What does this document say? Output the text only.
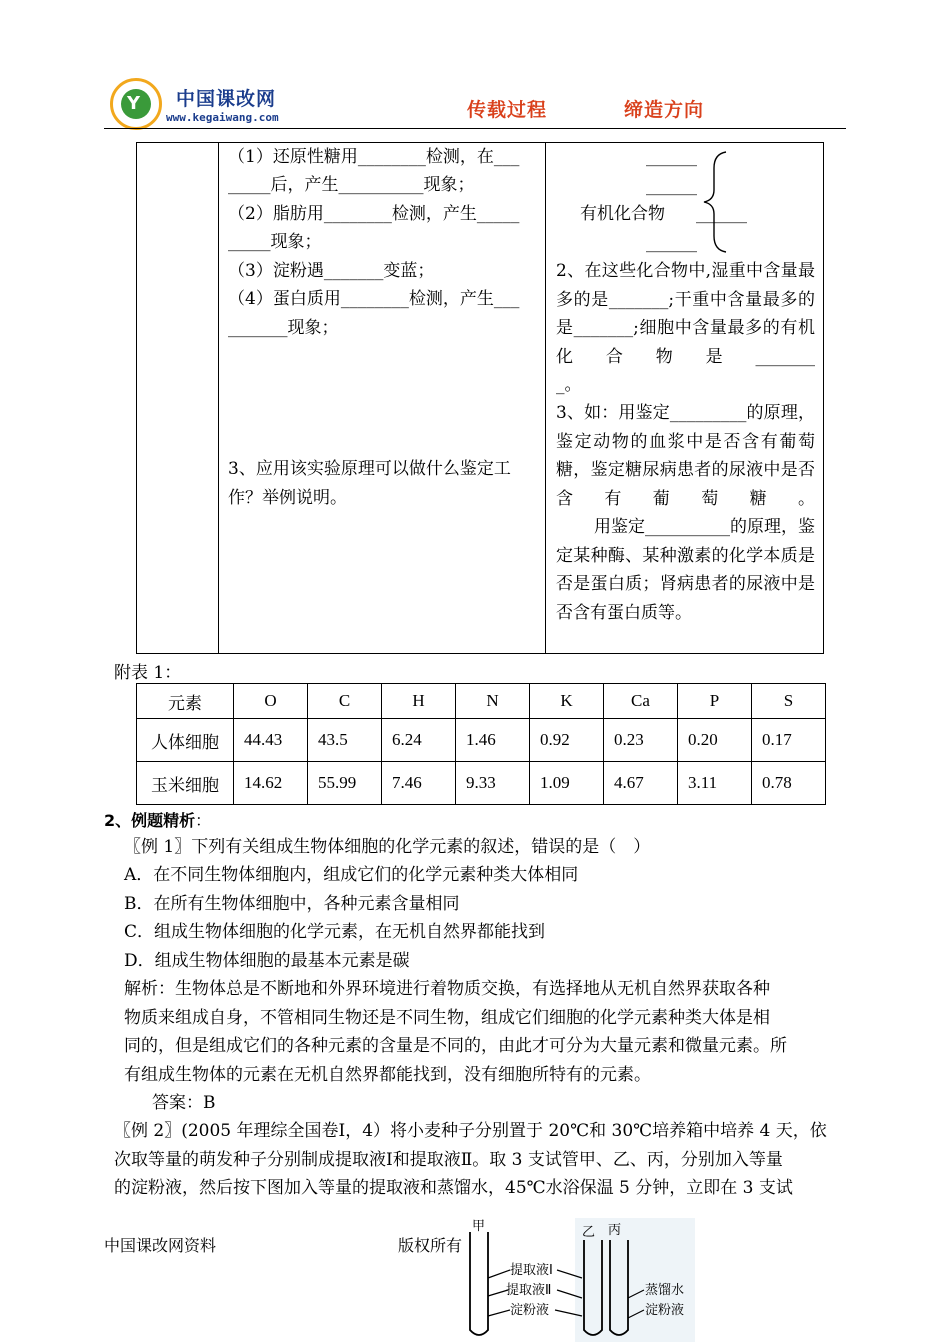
Y 中国课改网
www.kegaiwang.com	传载过程	缔造方向
（1）还原性糖用________检测，在___
_____后，产生__________现象；
（2）脂肪用________检测，产生_____
_____现象；
（3）淀粉遇_______变蓝；
（4）蛋白质用________检测，产生___
_______现象；
3、应用该实验原理可以做什么鉴定工
作？举例说明。
______
______
有机化合物 ______
______
2、在这些化合物中,湿重中含量最多的是_______;干重中含量最多的是_______;细胞中含量最多的有机化合物是_______
_。
3、如：用鉴定_________的原理，鉴定动物的血浆中是否含有葡萄糖，鉴定糖尿病患者的尿液中是否含有葡萄糖。
用鉴定__________的原理，鉴定某种酶、某种激素的化学本质是否是蛋白质；肾病患者的尿液中是否含有蛋白质等。
附表 1：
元素	O	C	H	N	K	Ca	P	S
人体细胞	44.43	43.5	6.24	1.46	0.92	0.23	0.20	0.17
玉米细胞	14.62	55.99	7.46	9.33	1.09	4.67	3.11	0.78
2、例题精析：
〖例 1〗下列有关组成生物体细胞的化学元素的叙述，错误的是（　）
A．在不同生物体细胞内，组成它们的化学元素种类大体相同
B．在所有生物体细胞中，各种元素含量相同
C．组成生物体细胞的化学元素，在无机自然界都能找到
D．组成生物体细胞的最基本元素是碳
解析：生物体总是不断地和外界环境进行着物质交换，有选择地从无机自然界获取各种
物质来组成自身，不管相同生物还是不同生物，组成它们细胞的化学元素种类大体是相
同的，但是组成它们的各种元素的含量是不同的，由此才可分为大量元素和微量元素。所
有组成生物体的元素在无机自然界都能找到，没有细胞所特有的元素。
答案：B
〖例 2〗(2005 年理综全国卷Ⅰ，4）将小麦种子分别置于 20℃和 30℃培养箱中培养 4 天，依
次取等量的萌发种子分别制成提取液Ⅰ和提取液Ⅱ。取 3 支试管甲、乙、丙，分别加入等量
的淀粉液，然后按下图加入等量的提取液和蒸馏水，45℃水浴保温 5 分钟，立即在 3 支试
中国课改网资料	版权所有
甲	乙 丙
提取液Ⅰ
提取液Ⅱ
淀粉液
蒸馏水
淀粉液
